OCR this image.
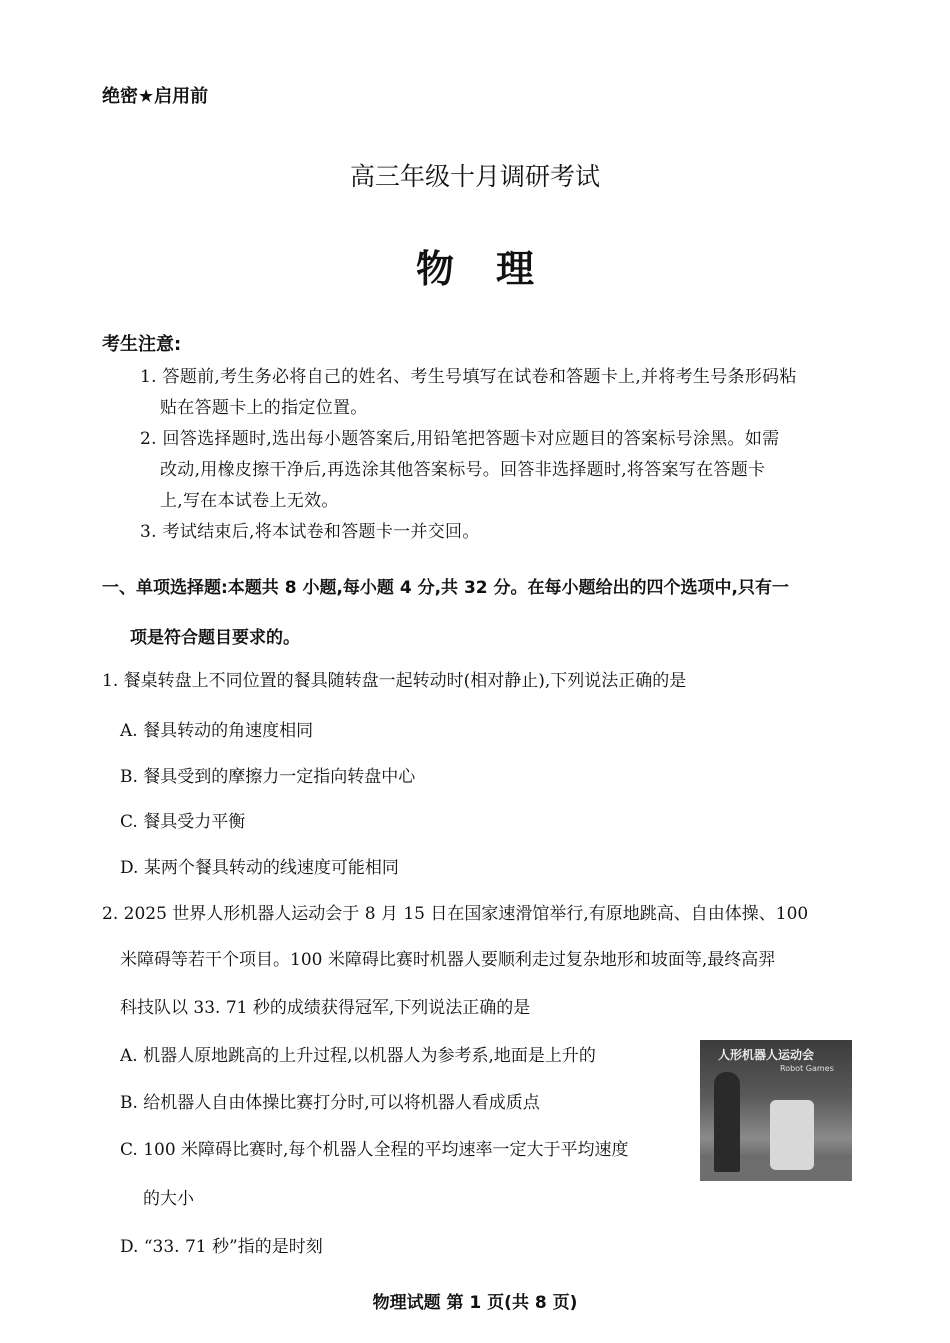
绝密★启用前
高三年级十月调研考试
物理
考生注意:
1. 答题前,考生务必将自己的姓名、考生号填写在试卷和答题卡上,并将考生号条形码粘
贴在答题卡上的指定位置。
2. 回答选择题时,选出每小题答案后,用铅笔把答题卡对应题目的答案标号涂黑。如需
改动,用橡皮擦干净后,再选涂其他答案标号。回答非选择题时,将答案写在答题卡
上,写在本试卷上无效。
3. 考试结束后,将本试卷和答题卡一并交回。
一、单项选择题:本题共 8 小题,每小题 4 分,共 32 分。在每小题给出的四个选项中,只有一
项是符合题目要求的。
1. 餐桌转盘上不同位置的餐具随转盘一起转动时(相对静止),下列说法正确的是
A. 餐具转动的角速度相同
B. 餐具受到的摩擦力一定指向转盘中心
C. 餐具受力平衡
D. 某两个餐具转动的线速度可能相同
2. 2025 世界人形机器人运动会于 8 月 15 日在国家速滑馆举行,有原地跳高、自由体操、100
米障碍等若干个项目。100 米障碍比赛时机器人要顺利走过复杂地形和坡面等,最终高羿
科技队以 33. 71 秒的成绩获得冠军,下列说法正确的是
A. 机器人原地跳高的上升过程,以机器人为参考系,地面是上升的
B. 给机器人自由体操比赛打分时,可以将机器人看成质点
C. 100 米障碍比赛时,每个机器人全程的平均速率一定大于平均速度
的大小
D. “33. 71 秒”指的是时刻
人形机器人运动会
Robot Games
物理试题 第 1 页(共 8 页)
